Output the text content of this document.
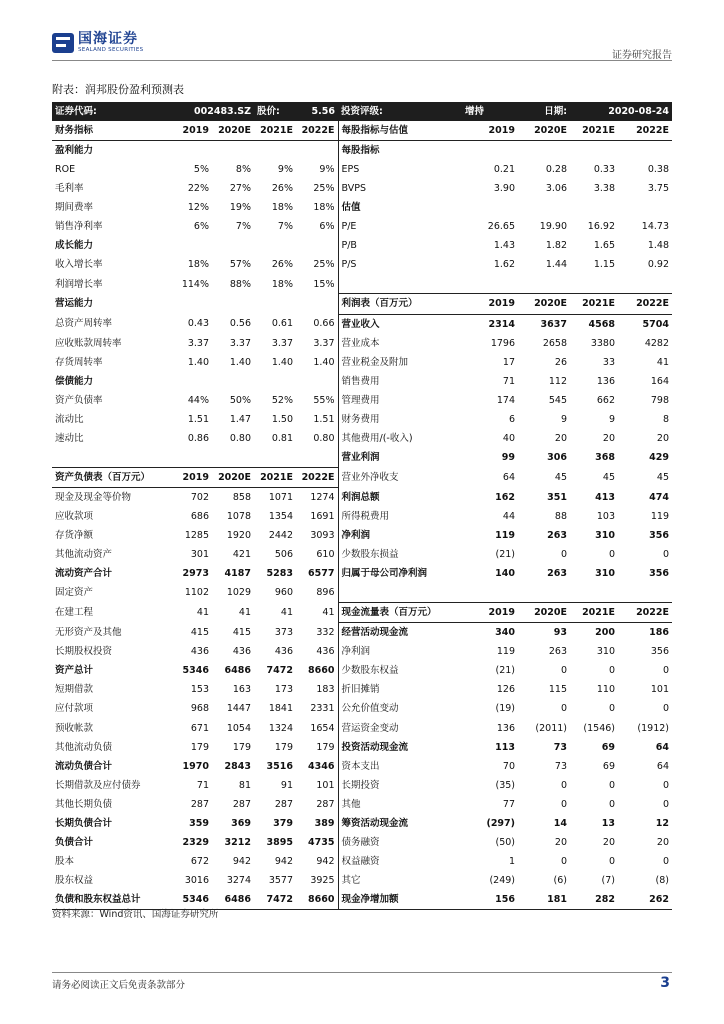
国海证券
SEALAND SECURITIES	证券研究报告
附表：润邦股份盈利预测表
证券代码:	002483.SZ		股价:	5.56	投资评级:	增持	日期:	2020-08-24	
财务指标	2019	2020E	2021E	2022E	每股指标与估值	2019	2020E	2021E	2022E
盈利能力					每股指标				
ROE	5%	8%	9%	9%	EPS	0.21	0.28	0.33	0.38
毛利率	22%	27%	26%	25%	BVPS	3.90	3.06	3.38	3.75
期间费率	12%	19%	18%	18%	估值				
销售净利率	6%	7%	7%	6%	P/E	26.65	19.90	16.92	14.73
成长能力					P/B	1.43	1.82	1.65	1.48
收入增长率	18%	57%	26%	25%	P/S	1.62	1.44	1.15	0.92
利润增长率	114%	88%	18%	15%					
营运能力					利润表（百万元）	2019	2020E	2021E	2022E
总资产周转率	0.43	0.56	0.61	0.66	营业收入	2314	3637	4568	5704
应收账款周转率	3.37	3.37	3.37	3.37	营业成本	1796	2658	3380	4282
存货周转率	1.40	1.40	1.40	1.40	营业税金及附加	17	26	33	41
偿债能力					销售费用	71	112	136	164
资产负债率	44%	50%	52%	55%	管理费用	174	545	662	798
流动比	1.51	1.47	1.50	1.51	财务费用	6	9	9	8
速动比	0.86	0.80	0.81	0.80	其他费用/(-收入)	40	20	20	20
					营业利润	99	306	368	429
资产负债表（百万元）	2019	2020E	2021E	2022E	营业外净收支	64	45	45	45
现金及现金等价物	702	858	1071	1274	利润总额	162	351	413	474
应收款项	686	1078	1354	1691	所得税费用	44	88	103	119
存货净额	1285	1920	2442	3093	净利润	119	263	310	356
其他流动资产	301	421	506	610	少数股东损益	(21)	0	0	0
流动资产合计	2973	4187	5283	6577	归属于母公司净利润	140	263	310	356
固定资产	1102	1029	960	896					
在建工程	41	41	41	41	现金流量表（百万元）	2019	2020E	2021E	2022E
无形资产及其他	415	415	373	332	经营活动现金流	340	93	200	186
长期股权投资	436	436	436	436	净利润	119	263	310	356
资产总计	5346	6486	7472	8660	少数股东权益	(21)	0	0	0
短期借款	153	163	173	183	折旧摊销	126	115	110	101
应付款项	968	1447	1841	2331	公允价值变动	(19)	0	0	0
预收帐款	671	1054	1324	1654	营运资金变动	136	(2011)	(1546)	(1912)
其他流动负债	179	179	179	179	投资活动现金流	113	73	69	64
流动负债合计	1970	2843	3516	4346	资本支出	70	73	69	64
长期借款及应付债券	71	81	91	101	长期投资	(35)	0	0	0
其他长期负债	287	287	287	287	其他	77	0	0	0
长期负债合计	359	369	379	389	筹资活动现金流	(297)	14	13	12
负债合计	2329	3212	3895	4735	债务融资	(50)	20	20	20
股本	672	942	942	942	权益融资	1	0	0	0
股东权益	3016	3274	3577	3925	其它	(249)	(6)	(7)	(8)
负债和股东权益总计	5346	6486	7472	8660	现金净增加额	156	181	282	262
资料来源：Wind资讯、国海证券研究所
请务必阅读正文后免责条款部分	3
